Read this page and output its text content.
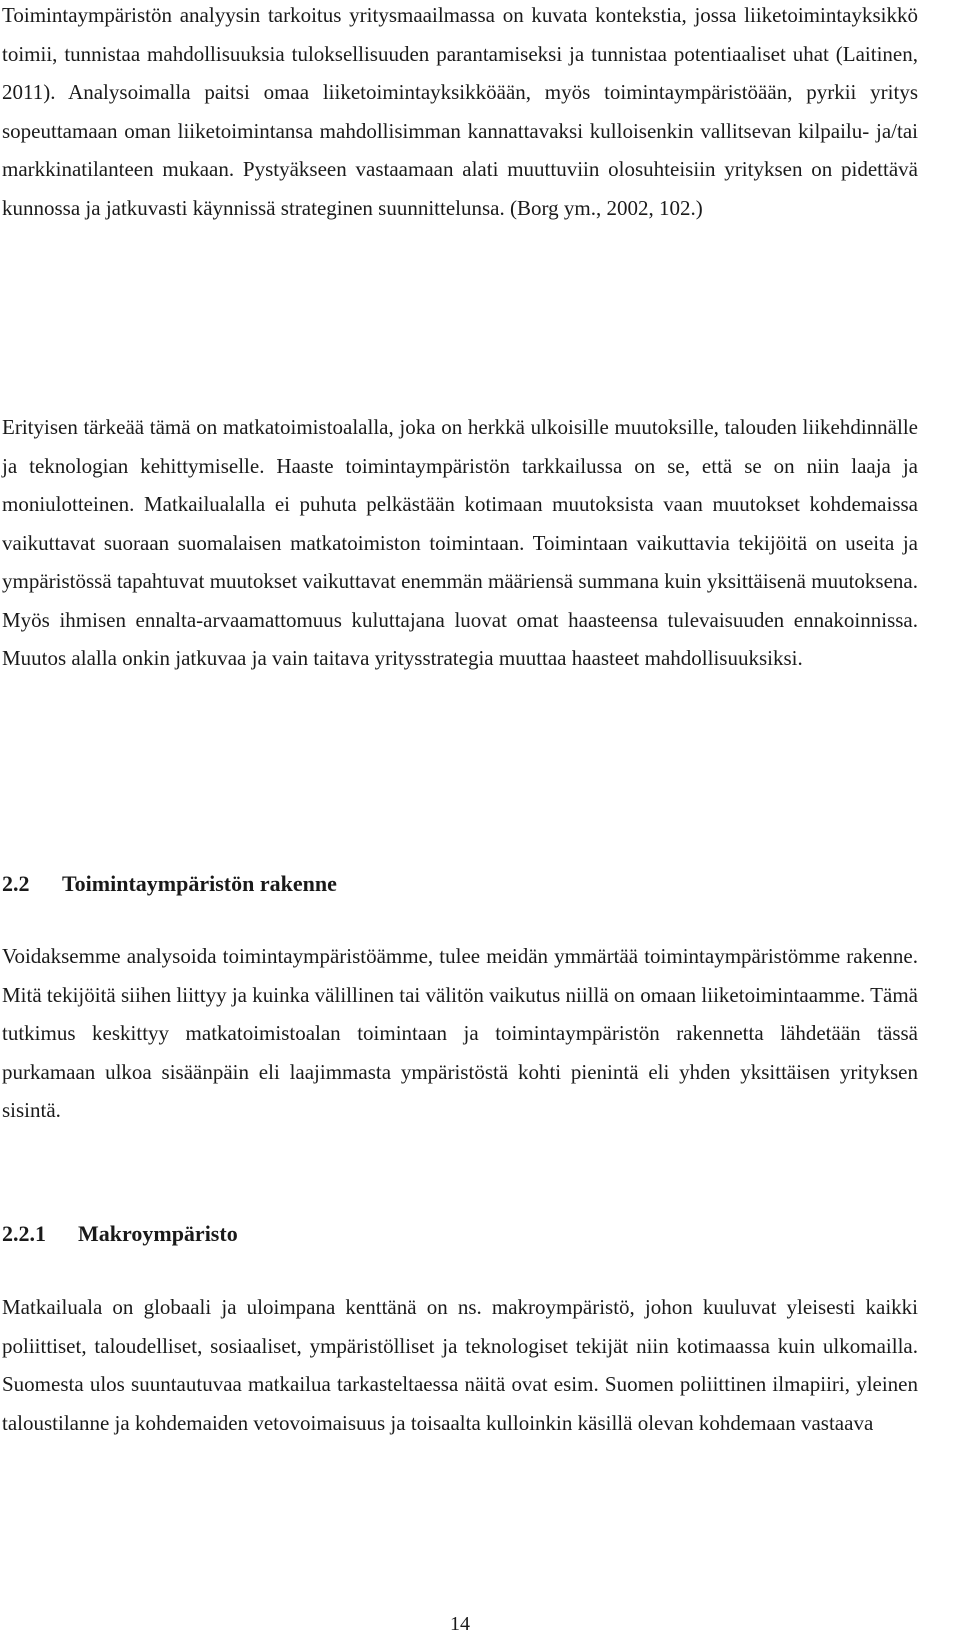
Toimintaympäristön analyysin tarkoitus yritysmaailmassa on kuvata kontekstia, jossa liiketoimintayksikkö toimii, tunnistaa mahdollisuuksia tuloksellisuuden parantamiseksi ja tunnistaa potentiaaliset uhat (Laitinen, 2011). Analysoimalla paitsi omaa liiketoimintayksikköään, myös toimintaympäristöään, pyrkii yritys sopeuttamaan oman liiketoimintansa mahdollisimman kannattavaksi kulloisenkin vallitsevan kilpailu- ja/tai markkinatilanteen mukaan. Pystyäkseen vastaamaan alati muuttuviin olosuhteisiin yrityksen on pidettävä kunnossa ja jatkuvasti käynnissä strateginen suunnittelunsa. (Borg ym., 2002, 102.)

Erityisen tärkeää tämä on matkatoimistoalalla, joka on herkkä ulkoisille muutoksille, talouden liikehdinnälle ja teknologian kehittymiselle. Haaste toimintaympäristön tarkkailussa on se, että se on niin laaja ja moniulotteinen. Matkailualalla ei puhuta pelkästään kotimaan muutoksista vaan muutokset kohdemaissa vaikuttavat suoraan suomalaisen matkatoimiston toimintaan. Toimintaan vaikuttavia tekijöitä on useita ja ympäristössä tapahtuvat muutokset vaikuttavat enemmän määriensä summana kuin yksittäisenä muutoksena. Myös ihmisen ennalta-arvaamattomuus kuluttajana luovat omat haasteensa tulevaisuuden ennakoinnissa. Muutos alalla onkin jatkuvaa ja vain taitava yritysstrategia muuttaa haasteet mahdollisuuksiksi.

2.2 Toimintaympäristön rakenne

Voidaksemme analysoida toimintaympäristöämme, tulee meidän ymmärtää toimintaympäristömme rakenne. Mitä tekijöitä siihen liittyy ja kuinka välillinen tai välitön vaikutus niillä on omaan liiketoimintaamme. Tämä tutkimus keskittyy matkatoimistoalan toimintaan ja toimintaympäristön rakennetta lähdetään tässä purkamaan ulkoa sisäänpäin eli laajimmasta ympäristöstä kohti pienintä eli yhden yksittäisen yrityksen sisintä.

2.2.1 Makroympäristo

Matkailuala on globaali ja uloimpana kenttänä on ns. makroympäristö, johon kuuluvat yleisesti kaikki poliittiset, taloudelliset, sosiaaliset, ympäristölliset ja teknologiset tekijät niin kotimaassa kuin ulkomailla. Suomesta ulos suuntautuvaa matkailua tarkasteltaessa näitä ovat esim. Suomen poliittinen ilmapiiri, yleinen taloustilanne ja kohdemaiden vetovoimaisuus ja toisaalta kulloinkin käsillä olevan kohdemaan vastaava

14
